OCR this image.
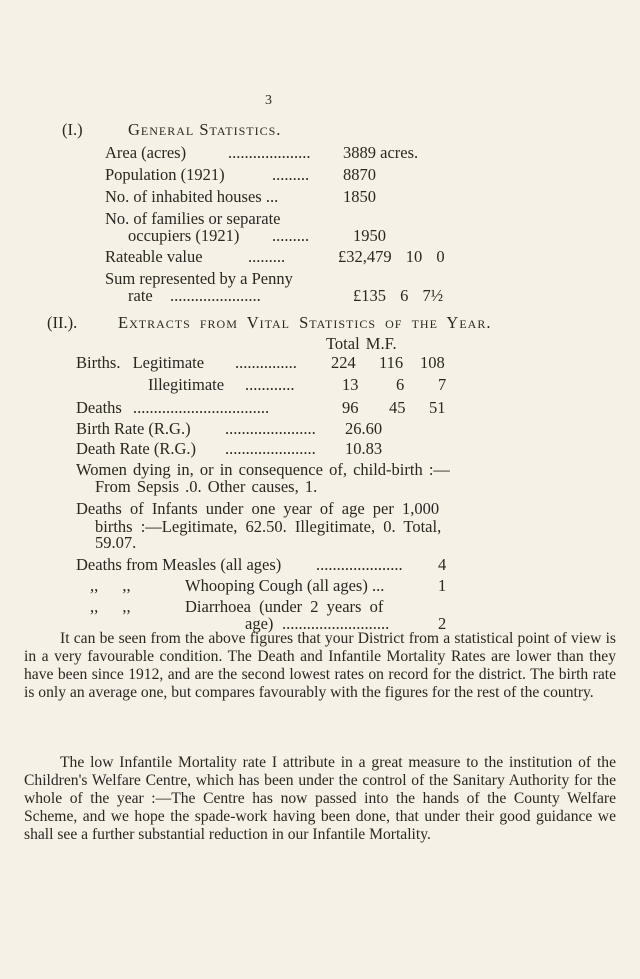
3
(I.)	General Statistics.
Area (acres)	.................... 3889 acres.
Population (1921)	......... 8870
No. of inhabited houses ...	1850
No. of families or separate
occupiers (1921) .........	1950
Rateable value	.........	£32,479 10 0
Sum represented by a Penny
rate ......................	£135 6 7½
(II.). Extracts from Vital Statistics of the Year.
Total M.F.
Births. Legitimate ............... 224 116 108
Illegitimate ............	13 6 7
Deaths .................................	96 45 51
Birth Rate (R.G.) ...................... 26.60
Death Rate (R.G.) ...................... 10.83
Women dying in, or in consequence of, child-birth :—
From Sepsis .0. Other causes, 1.
Deaths of Infants under one year of age per 1,000
births :—Legitimate, 62.50. Illegitimate, 0. Total,
59.07.
Deaths from Measles (all ages) ..................... 4
,, ,,	Whooping Cough (all ages) ...	1
,, ,,	Diarrhoea (under 2 years of
age) ..........................	2

It can be seen from the above figures that your District from a statistical point of view is in a very favourable condition. The Death and Infantile Mortality Rates are lower than they have been since 1912, and are the second lowest rates on record for the district. The birth rate is only an average one, but compares favourably with the figures for the rest of the country.

The low Infantile Mortality rate I attribute in a great measure to the institution of the Children's Welfare Centre, which has been under the control of the Sanitary Authority for the whole of the year :—The Centre has now passed into the hands of the County Welfare Scheme, and we hope the spade-work having been done, that under their good guidance we shall see a further substantial reduction in our Infantile Mortality.
